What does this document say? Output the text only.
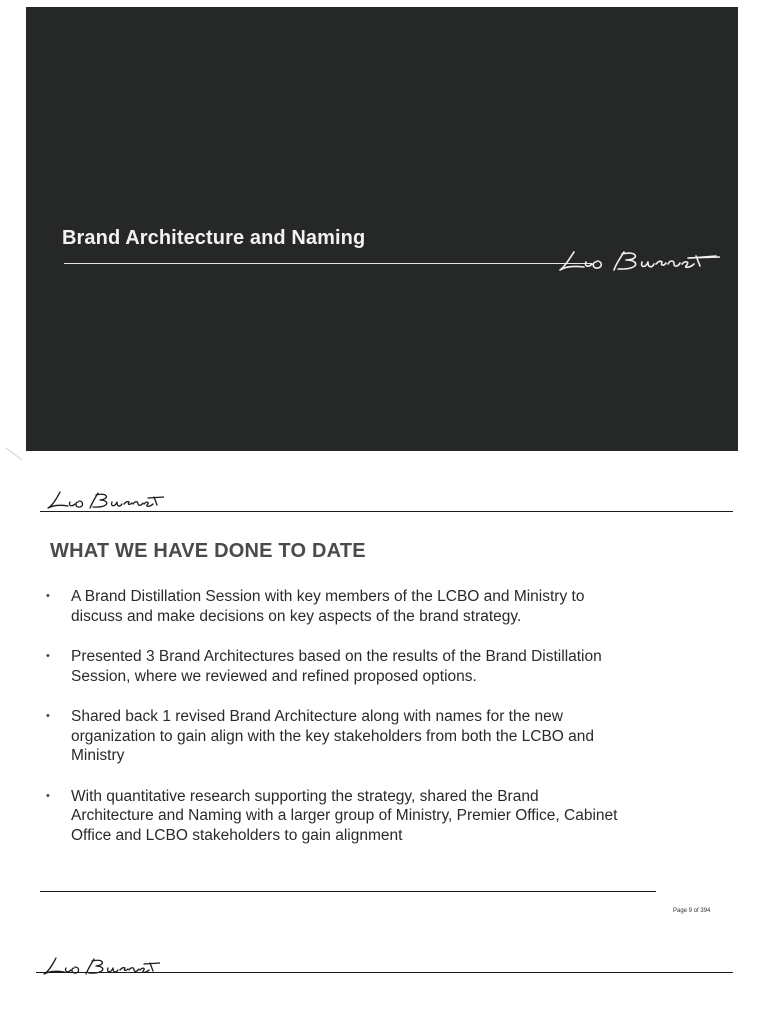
Brand Architecture and Naming
WHAT WE HAVE DONE TO DATE
• A Brand Distillation Session with key members of the LCBO and Ministry to
discuss and make decisions on key aspects of the brand strategy.
• Presented 3 Brand Architectures based on the results of the Brand Distillation
Session, where we reviewed and refined proposed options.
• Shared back 1 revised Brand Architecture along with names for the new
organization to gain align with the key stakeholders from both the LCBO and
Ministry
• With quantitative research supporting the strategy, shared the Brand
Architecture and Naming with a larger group of Ministry, Premier Office, Cabinet
Office and LCBO stakeholders to gain alignment
Page 9 of 394
